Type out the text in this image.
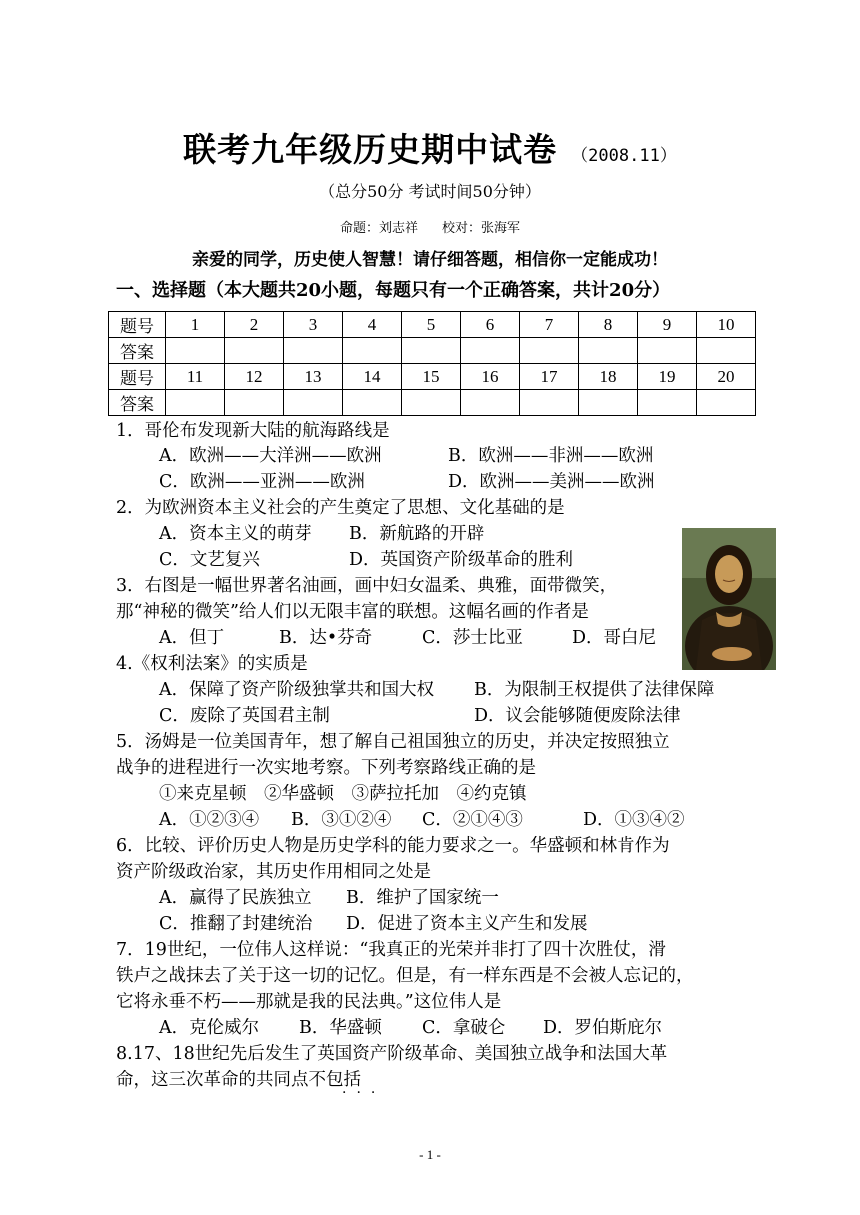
联考九年级历史期中试卷 （2008.11）
（总分50分 考试时间50分钟）
命题：刘志祥 校对：张海军
亲爱的同学，历史使人智慧！请仔细答题，相信你一定能成功！
一、选择题（本大题共20小题，每题只有一个正确答案，共计20分）
题号	1	2	3	4	5	6	7	8	9	10
答案										
题号	11	12	13	14	15	16	17	18	19	20
答案										
1．哥伦布发现新大陆的航海路线是
A．欧洲——大洋洲——欧洲	B．欧洲——非洲——欧洲
C．欧洲——亚洲——欧洲	D．欧洲——美洲——欧洲
2．为欧洲资本主义社会的产生奠定了思想、文化基础的是
A．资本主义的萌芽 B．新航路的开辟
C．文艺复兴	D．英国资产阶级革命的胜利
3．右图是一幅世界著名油画，画中妇女温柔、典雅，面带微笑，
那“神秘的微笑”给人们以无限丰富的联想。这幅名画的作者是
A．但丁	B．达•芬奇	C．莎士比亚	D．哥白尼
4.《权利法案》的实质是
A．保障了资产阶级独掌共和国大权 B．为限制王权提供了法律保障
C．废除了英国君主制	D．议会能够随便废除法律
5．汤姆是一位美国青年，想了解自己祖国独立的历史，并决定按照独立
战争的进程进行一次实地考察。下列考察路线正确的是
①来克星顿　②华盛顿　③萨拉托加　④约克镇
A．①②③④ B．③①②④ C．②①④③	D．①③④②
6．比较、评价历史人物是历史学科的能力要求之一。华盛顿和林肯作为
资产阶级政治家，其历史作用相同之处是
A．赢得了民族独立 B．维护了国家统一
C．推翻了封建统治 D．促进了资本主义产生和发展
7．19世纪，一位伟人这样说：“我真正的光荣并非打了四十次胜仗，滑
铁卢之战抹去了关于这一切的记忆。但是，有一样东西是不会被人忘记的，
它将永垂不朽——那就是我的民法典。”这位伟人是
A．克伦威尔 B．华盛顿 C．拿破仑 D．罗伯斯庇尔
8.17、18世纪先后发生了英国资产阶级革命、美国独立战争和法国大革
命，这三次革命的共同点不包括
···
- 1 -
